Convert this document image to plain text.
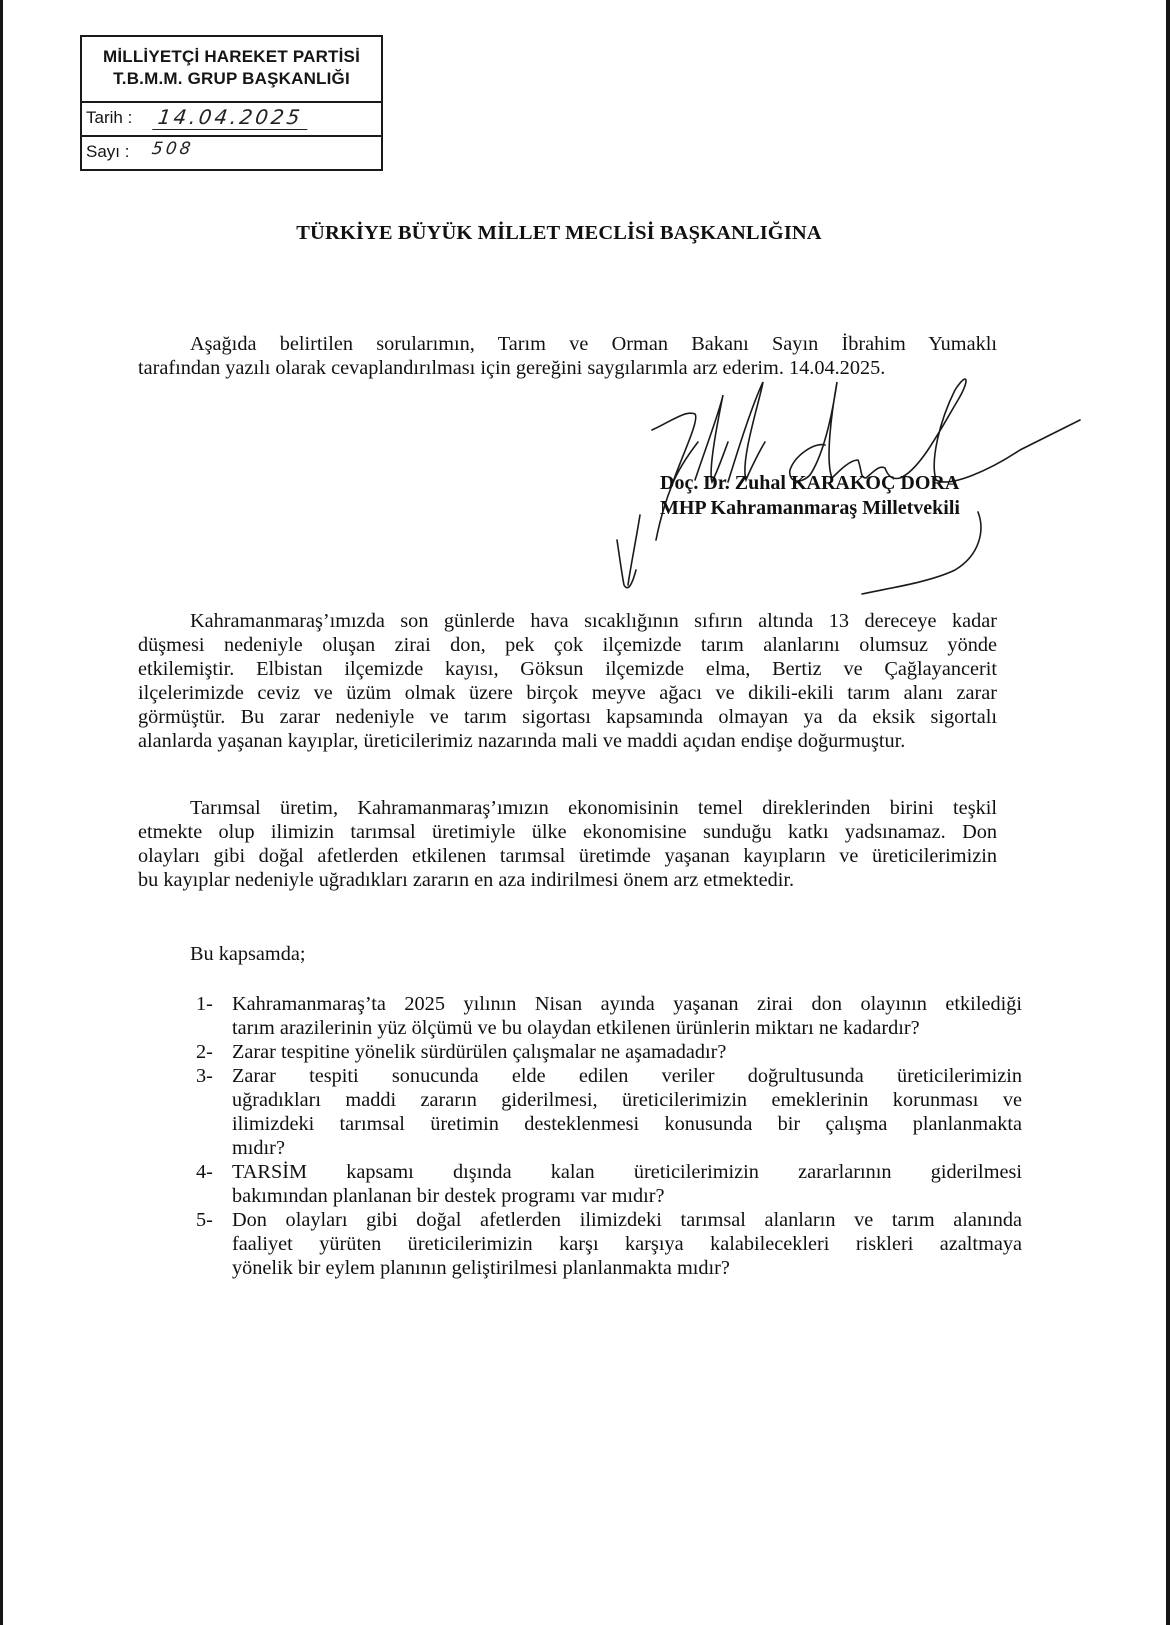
MİLLİYETÇİ HAREKET PARTİSİ
T.B.M.M. GRUP BAŞKANLIĞI
Tarih : 14.04.2025
Sayı : 508
TÜRKİYE BÜYÜK MİLLET MECLİSİ BAŞKANLIĞINA
Aşağıda belirtilen sorularımın, Tarım ve Orman Bakanı Sayın İbrahim Yumaklı
tarafından yazılı olarak cevaplandırılması için gereğini saygılarımla arz ederim. 14.04.2025.
Doç. Dr. Zuhal KARAKOÇ DORA
MHP Kahramanmaraş Milletvekili
Kahramanmaraş’ımızda son günlerde hava sıcaklığının sıfırın altında 13 dereceye kadar
düşmesi nedeniyle oluşan zirai don, pek çok ilçemizde tarım alanlarını olumsuz yönde
etkilemiştir. Elbistan ilçemizde kayısı, Göksun ilçemizde elma, Bertiz ve Çağlayancerit
ilçelerimizde ceviz ve üzüm olmak üzere birçok meyve ağacı ve dikili-ekili tarım alanı zarar
görmüştür. Bu zarar nedeniyle ve tarım sigortası kapsamında olmayan ya da eksik sigortalı
alanlarda yaşanan kayıplar, üreticilerimiz nazarında mali ve maddi açıdan endişe doğurmuştur.
Tarımsal üretim, Kahramanmaraş’ımızın ekonomisinin temel direklerinden birini teşkil
etmekte olup ilimizin tarımsal üretimiyle ülke ekonomisine sunduğu katkı yadsınamaz. Don
olayları gibi doğal afetlerden etkilenen tarımsal üretimde yaşanan kayıpların ve üreticilerimizin
bu kayıplar nedeniyle uğradıkları zararın en aza indirilmesi önem arz etmektedir.
Bu kapsamda;
1- Kahramanmaraş’ta 2025 yılının Nisan ayında yaşanan zirai don olayının etkilediği
tarım arazilerinin yüz ölçümü ve bu olaydan etkilenen ürünlerin miktarı ne kadardır?
2- Zarar tespitine yönelik sürdürülen çalışmalar ne aşamadadır?
3- Zarar tespiti sonucunda elde edilen veriler doğrultusunda üreticilerimizin
uğradıkları maddi zararın giderilmesi, üreticilerimizin emeklerinin korunması ve
ilimizdeki tarımsal üretimin desteklenmesi konusunda bir çalışma planlanmakta
mıdır?
4- TARSİM kapsamı dışında kalan üreticilerimizin zararlarının giderilmesi
bakımından planlanan bir destek programı var mıdır?
5- Don olayları gibi doğal afetlerden ilimizdeki tarımsal alanların ve tarım alanında
faaliyet yürüten üreticilerimizin karşı karşıya kalabilecekleri riskleri azaltmaya
yönelik bir eylem planının geliştirilmesi planlanmakta mıdır?
